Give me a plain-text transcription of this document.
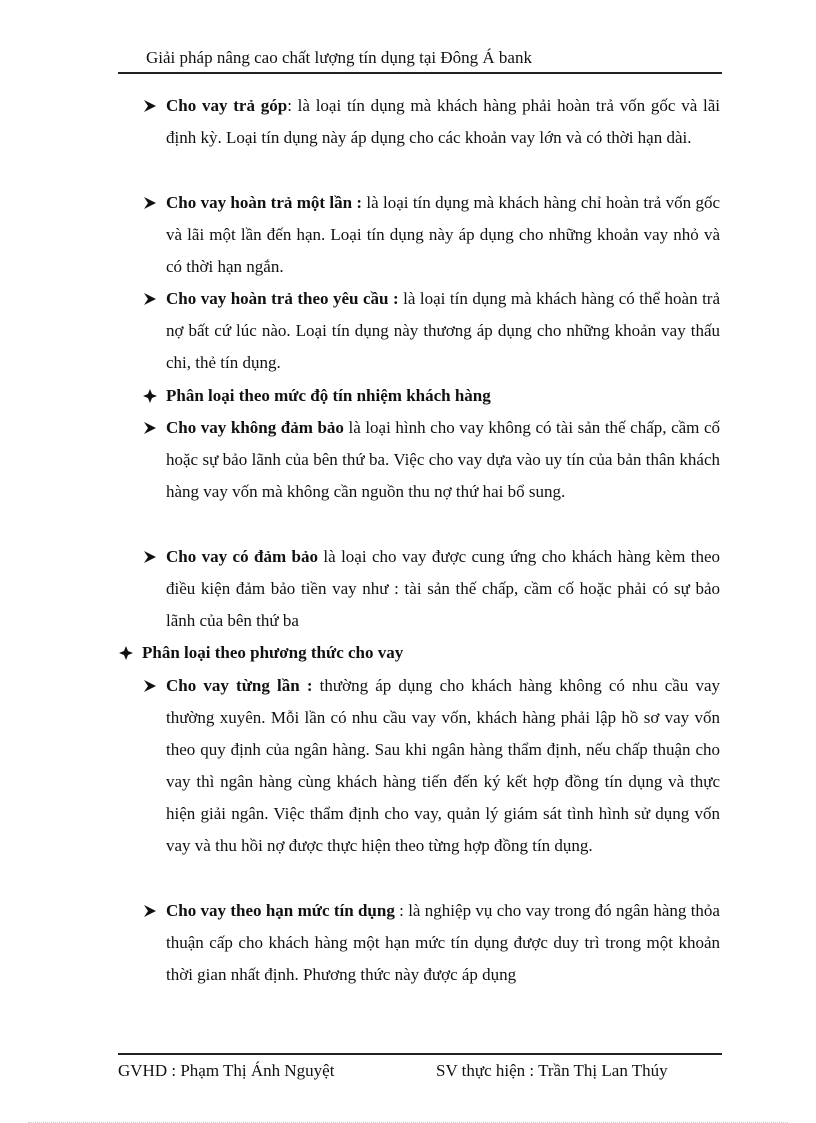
Giải pháp nâng cao chất lượng tín dụng tại Đông Á bank
Cho vay trả góp: là loại tín dụng mà khách hàng phải hoàn trả vốn gốc và lãi định kỳ. Loại tín dụng này áp dụng cho các khoản vay lớn và có thời hạn dài.
Cho vay hoàn trả một lần : là loại tín dụng mà khách hàng chỉ hoàn trả vốn gốc và lãi một lần đến hạn. Loại tín dụng này áp dụng cho những khoản vay nhỏ và có thời hạn ngắn.
Cho vay hoàn trả theo yêu cầu : là loại tín dụng mà khách hàng có thể hoàn trả nợ bất cứ lúc nào. Loại tín dụng này thương áp dụng cho những khoản vay thấu chi, thẻ tín dụng.
Phân loại theo mức độ tín nhiệm khách hàng
Cho vay không đảm bảo là loại hình cho vay không có tài sản thế chấp, cầm cố hoặc sự bảo lãnh của bên thứ ba. Việc cho vay dựa vào uy tín của bản thân khách hàng vay vốn mà không cần nguồn thu nợ thứ hai bổ sung.
Cho vay có đảm bảo là loại cho vay được cung ứng cho khách hàng kèm theo điều kiện đảm bảo tiền vay như : tài sản thế chấp, cầm cố hoặc phải có sự bảo lãnh của bên thứ ba
Phân loại theo phương thức cho vay
Cho vay từng lần : thường áp dụng cho khách hàng không có nhu cầu vay thường xuyên. Mỗi lần có nhu cầu vay vốn, khách hàng phải lập hồ sơ vay vốn theo quy định của ngân hàng. Sau khi ngân hàng thẩm định, nếu chấp thuận cho vay thì ngân hàng cùng khách hàng tiến đến ký kết hợp đồng tín dụng và thực hiện giải ngân. Việc thẩm định cho vay, quản lý giám sát tình hình sử dụng vốn vay và thu hồi nợ được thực hiện theo từng hợp đồng tín dụng.
Cho vay theo hạn mức tín dụng : là nghiệp vụ cho vay trong đó ngân hàng thỏa thuận cấp cho khách hàng một hạn mức tín dụng được duy trì trong một khoản thời gian nhất định. Phương thức này được áp dụng
GVHD : Phạm Thị Ánh Nguyệt	SV thực hiện : Trần Thị Lan Thúy
